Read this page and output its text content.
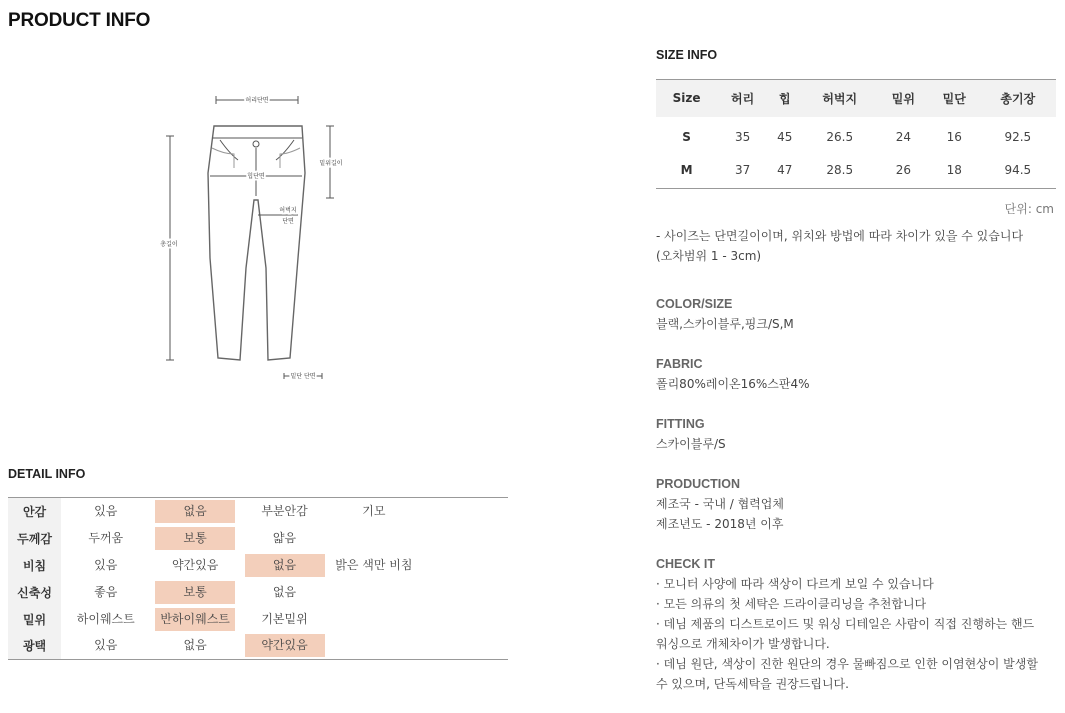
PRODUCT INFO
허리단면
힙단면
허벅지
단면
밑위길이
총길이
밑단 단면
DETAIL INFO
안감	있음	없음	부분안감	기모	
두께감	두꺼움	보통	얇음		
비침	있음	약간있음	없음	밝은 색만 비침	
신축성	좋음	보통	없음		
밑위	하이웨스트	반하이웨스트	기본밑위		
광택	있음	없음	약간있음		
SIZE INFO
Size	허리	힙	허벅지	밑위	밑단	총기장
S	35	45	26.5	24	16	92.5
M	37	47	28.5	26	18	94.5
단위: cm
- 사이즈는 단면길이이며, 위치와 방법에 따라 차이가 있을 수 있습니다
(오차범위 1 - 3cm)
COLOR/SIZE
블랙,스카이블루,핑크/S,M
FABRIC
폴리80%레이온16%스판4%
FITTING
스카이블루/S
PRODUCTION
제조국 - 국내 / 협력업체
제조년도 - 2018년 이후
CHECK IT
· 모니터 사양에 따라 색상이 다르게 보일 수 있습니다
· 모든 의류의 첫 세탁은 드라이클리닝을 추천합니다
· 데님 제품의 디스트로이드 및 워싱 디테일은 사람이 직접 진행하는 핸드
워싱으로 개체차이가 발생합니다.
· 데님 원단, 색상이 진한 원단의 경우 물빠짐으로 인한 이염현상이 발생할
수 있으며, 단독세탁을 권장드립니다.
